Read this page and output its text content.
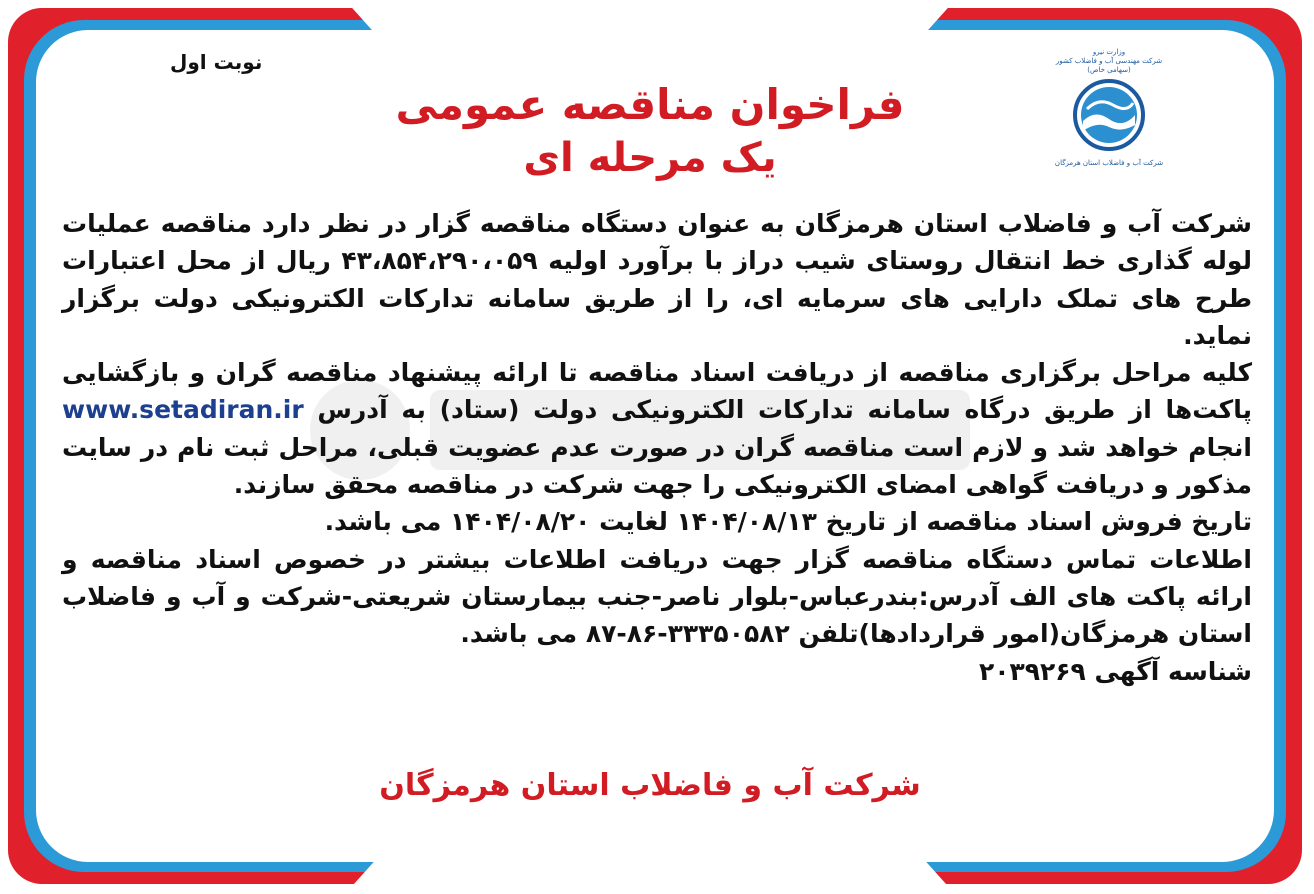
نوبت اول
فراخوان مناقصه عمومی
یک مرحله ای
وزارت نیرو
شرکت مهندسی آب و فاضلاب کشور
(سهامی خاص)
شرکت آب و فاضلاب استان هرمزگان

شرکت آب و فاضلاب استان هرمزگان به عنوان دستگاه مناقصه گزار در نظر دارد مناقصه عملیات لوله گذاری خط انتقال روستای شیب دراز با برآورد اولیه ۴۳،۸۵۴،۲۹۰،۰۵۹ ریال از محل اعتبارات طرح های تملک دارایی های سرمایه ای، را از طریق سامانه تدارکات الکترونیکی دولت برگزار نماید.

کلیه مراحل برگزاری مناقصه از دریافت اسناد مناقصه تا ارائه پیشنهاد مناقصه گران و بازگشایی پاکت‌ها از طریق درگاه سامانه تدارکات الکترونیکی دولت (ستاد) به آدرس www.setadiran.ir انجام خواهد شد و لازم است مناقصه گران در صورت عدم عضویت قبلی، مراحل ثبت نام در سایت مذکور و دریافت گواهی امضای الکترونیکی را جهت شرکت در مناقصه محقق سازند.

تاریخ فروش اسناد مناقصه از تاریخ ۱۴۰۴/۰۸/۱۳ لغایت ۱۴۰۴/۰۸/۲۰ می باشد.

اطلاعات تماس دستگاه مناقصه گزار جهت دریافت اطلاعات بیشتر در خصوص اسناد مناقصه و ارائه پاکت های الف آدرس:بندرعباس-بلوار ناصر-جنب بیمارستان شریعتی-شرکت و آب و فاضلاب استان هرمزگان(امور قراردادها)تلفن ۳۳۳۵۰۵۸۲-۸۶-۸۷ می باشد.

شناسه آگهی ۲۰۳۹۲۶۹

شرکت آب و فاضلاب استان هرمزگان
